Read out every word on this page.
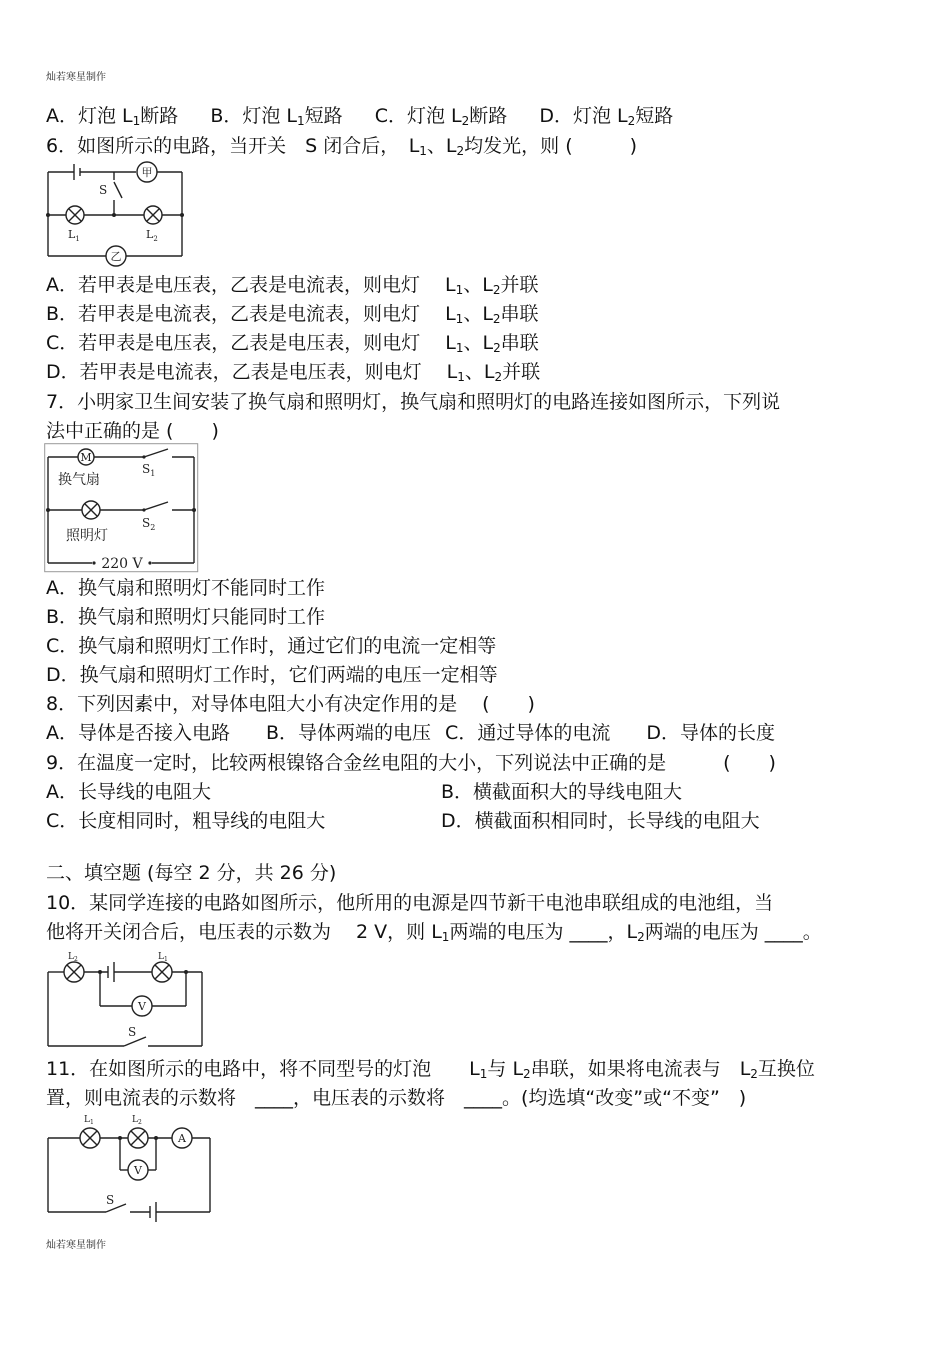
灿若寒星制作
A．灯泡 $L_1$断路 B．灯泡 $L_1$短路 C．灯泡 $L_2$断路 D．灯泡 $L_2$短路
6．如图所示的电路，当开关　S 闭合后，　$L_1$、$L_2$均发光，则 (　　　)
甲
乙
S
$L_1$	$L_2$
A．若甲表是电压表，乙表是电流表，则电灯　 $L_1$、$L_2$并联
B．若甲表是电流表，乙表是电流表，则电灯　 $L_1$、$L_2$串联
C．若甲表是电压表，乙表是电压表，则电灯　 $L_1$、$L_2$串联
D．若甲表是电流表，乙表是电压表，则电灯　 $L_1$、$L_2$并联
7．小明家卫生间安装了换气扇和照明灯，换气扇和照明灯的电路连接如图所示，下列说
法中正确的是 (　　)
M
换气扇
照明灯
$S_1$
$S_2$
220 V
A．换气扇和照明灯不能同时工作
B．换气扇和照明灯只能同时工作
C．换气扇和照明灯工作时，通过它们的电流一定相等
D．换气扇和照明灯工作时，它们两端的电压一定相等
8．下列因素中，对导体电阻大小有决定作用的是　 (　　)
A．导体是否接入电路 B．导体两端的电压 C．通过导体的电流 D．导体的长度
9．在温度一定时，比较两根镍铬合金丝电阻的大小，下列说法中正确的是　　　(　　)
A．长导线的电阻大	B．横截面积大的导线电阻大
C．长度相同时，粗导线的电阻大	D．横截面积相同时，长导线的电阻大
二、填空题 (每空 2 分，共 26 分)
10．某同学连接的电路如图所示，他所用的电源是四节新干电池串联组成的电池组，当
他将开关闭合后，电压表的示数为　 2 V，则 $L_1$两端的电压为 ____，$L_2$两端的电压为 ____。
V
$L_2$	$L_1$
S
11．在如图所示的电路中，将不同型号的灯泡　　$L_1$与 $L_2$串联，如果将电流表与　$L_2$互换位
置，则电流表的示数将　____，电压表的示数将　____。(均选填“改变”或“不变”　)
A
V
$L_1$	$L_2$
S
灿若寒星制作
